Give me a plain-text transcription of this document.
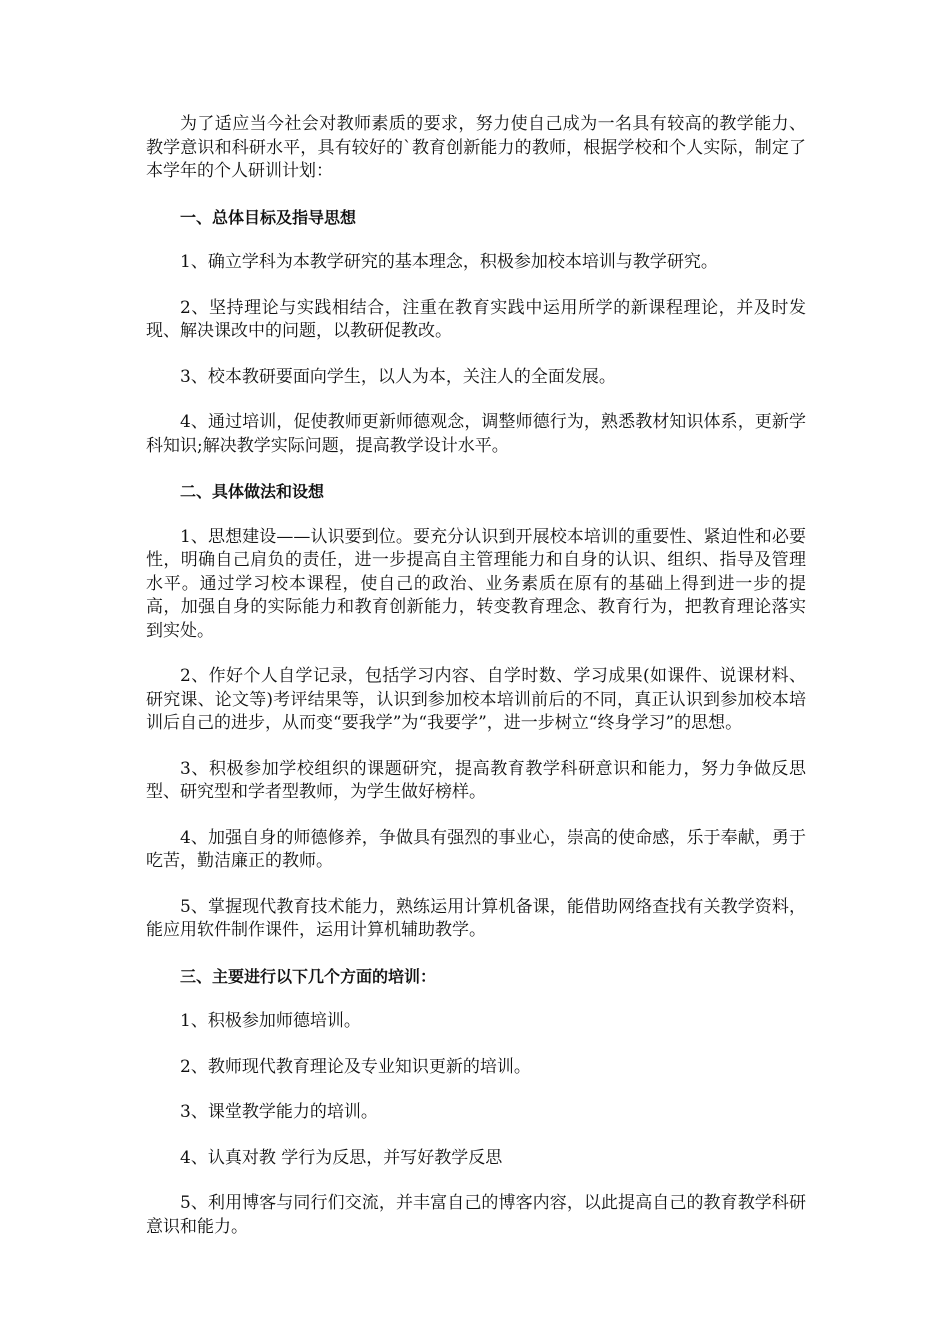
为了适应当今社会对教师素质的要求，努力使自己成为一名具有较高的教学能力、教学意识和科研水平，具有较好的`教育创新能力的教师，根据学校和个人实际，制定了本学年的个人研训计划：

一、总体目标及指导思想

1、确立学科为本教学研究的基本理念，积极参加校本培训与教学研究。

2、坚持理论与实践相结合，注重在教育实践中运用所学的新课程理论，并及时发现、解决课改中的问题，以教研促教改。

3、校本教研要面向学生，以人为本，关注人的全面发展。

4、通过培训，促使教师更新师德观念，调整师德行为，熟悉教材知识体系，更新学科知识;解决教学实际问题，提高教学设计水平。

二、具体做法和设想

1、思想建设——认识要到位。要充分认识到开展校本培训的重要性、紧迫性和必要性，明确自己肩负的责任，进一步提高自主管理能力和自身的认识、组织、指导及管理水平。通过学习校本课程，使自己的政治、业务素质在原有的基础上得到进一步的提高，加强自身的实际能力和教育创新能力，转变教育理念、教育行为，把教育理论落实到实处。

2、作好个人自学记录，包括学习内容、自学时数、学习成果(如课件、说课材料、研究课、论文等)考评结果等，认识到参加校本培训前后的不同，真正认识到参加校本培训后自己的进步，从而变“要我学”为“我要学”，进一步树立“终身学习”的思想。

3、积极参加学校组织的课题研究，提高教育教学科研意识和能力，努力争做反思型、研究型和学者型教师，为学生做好榜样。

4、加强自身的师德修养，争做具有强烈的事业心，崇高的使命感，乐于奉献，勇于吃苦，勤洁廉正的教师。

5、掌握现代教育技术能力，熟练运用计算机备课，能借助网络查找有关教学资料，能应用软件制作课件，运用计算机辅助教学。

三、主要进行以下几个方面的培训：

1、积极参加师德培训。

2、教师现代教育理论及专业知识更新的培训。

3、课堂教学能力的培训。

4、认真对教 学行为反思，并写好教学反思

5、利用博客与同行们交流，并丰富自己的博客内容，以此提高自己的教育教学科研意识和能力。
